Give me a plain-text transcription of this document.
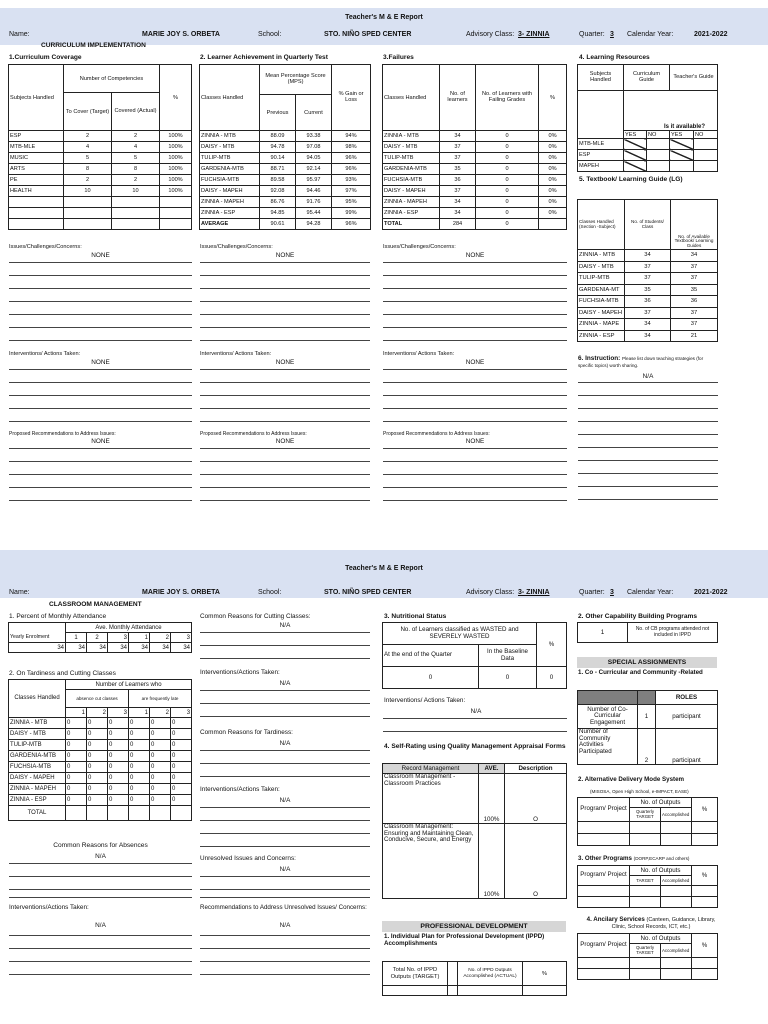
Teacher's M & E Report
Name:	MARIE JOY S. ORBETA	School:	STO. NIÑO SPED CENTER	Advisory Class: 3- ZINNIA	Quarter: 3 Calendar Year:	2021-2022
CURRICULUM IMPLEMENTATION
1.Curriculum Coverage
Subjects Handled	Number of Competencies		%
	To Cover (Target)	Covered (Actual)	
ESP	2	2	100%
MTB-MLE	4	4	100%
MUSIC	5	5	100%
ARTS	8	8	100%
PE	2	2	100%
HEALTH	10	10	100%

2. Learner Achievement in Quarterly Test
Classes Handled	Mean Percentage Score (MPS)		% Gain or Loss
	Previous	Current	
ZINNIA - MTB	88.09	93.38	94%
DAISY - MTB	94.78	97.08	98%
TULIP-MTB	90.14	94.05	96%
GARDENIA-MTB	88.71	92.14	96%
FUCHSIA-MTB	89.58	95.97	93%
DAISY - MAPEH	92.08	94.46	97%
ZINNIA - MAPEH	86.76	91.76	95%
ZINNIA - ESP	94.85	95.44	99%
AVERAGE	90.61	94.28	96%
3.Failures
Classes Handled	No. of learners	No. of Learners with Failing Grades	%
ZINNIA - MTB	34	0	0%
DAISY - MTB	37	0	0%
TULIP-MTB	37	0	0%
GARDENIA-MTB	35	0	0%
FUCHSIA-MTB	36	0	0%
DAISY - MAPEH	37	0	0%
ZINNIA - MAPEH	34	0	0%
ZINNIA - ESP	34	0	0%
TOTAL	284	0	
4. Learning Resources
Subjects Handled	Curriculum Guide		Teacher's Guide	
	Is it available?			
	YES	NO	YES	NO
MTB-MLE				
ESP				
MAPEH				
5. Textbook/ Learning Guide (LG)
Classes Handled (Section -Subject)	No. of Students/ Class	No. of Available Textbook/ Learning Guides
ZINNIA - MTB	34	34
DAISY - MTB	37	37
TULIP-MTB	37	37
GARDENIA-MT	35	35
FUCHSIA-MTB	36	36
DAISY - MAPEH	37	37
ZINNIA - MAPE	34	37
ZINNIA - ESP	34	21
6. Instruction: Please list down teaching strategies (for specific topics) worth sharing.
N/A
Issues/Challenges/Concerns:
NONE
Issues/Challenges/Concerns:
NONE
Issues/Challenges/Concerns:
NONE
Interventions/ Actions Taken:
NONE
Interventions/ Actions Taken:
NONE
Interventions/ Actions Taken:
NONE
Proposed Recommendations to Address Issues:
NONE
Proposed Recommendations to Address Issues:
NONE
Proposed Recommendations to Address Issues:
NONE
Teacher's M & E Report
Name:	MARIE JOY S. ORBETA	School:	STO. NIÑO SPED CENTER	Advisory Class: 3- ZINNIA	Quarter: 3 Calendar Year:	2021-2022
CLASSROOM MANAGEMENT
1. Percent of Monthly Attendance
	Ave. Monthly Attendance					
Yearly Enrolment	1	2	3	1	2	3
34	34	34	34	34	34	34
2. On Tardiness and Cutting Classes
Classes Handled	Number of Learners who					
	absence cut classes			are frequently late		
	1	2	3	1	2	3
ZINNIA - MTB	0	0	0	0	0	0
DAISY - MTB	0	0	0	0	0	0
TULIP-MTB	0	0	0	0	0	0
GARDENIA-MTB	0	0	0	0	0	0
FUCHSIA-MTB	0	0	0	0	0	0
DAISY - MAPEH	0	0	0	0	0	0
ZINNIA - MAPEH	0	0	0	0	0	0
ZINNIA - ESP	0	0	0	0	0	0
TOTAL						
Common Reasons for Absences
N/A
Interventions/Actions Taken:
N/A
Common Reasons for Cutting Classes:
N/A
Interventions/Actions Taken:
N/A
Common Reasons for Tardiness:
N/A
Interventions/Actions Taken:
N/A
Unresolved Issues and Concerns:
N/A
Recommendations to Address Unresolved Issues/ Concerns:
N/A
3. Nutritional Status
No. of Learners classified as WASTED and SEVERELY WASTED		%
At the end of the Quarter	In the Baseline Data	
0	0	0
Interventions/ Actions Taken:
N/A
4. Self-Rating using Quality Management Appraisal Forms
Record Management	AVE.	Description
Classroom Management - Classroom Practices	100%	O
Classroom Management: Ensuring and Maintaining Clean, Conducive, Secure, and Energy	100%	O
PROFESSIONAL DEVELOPMENT
1. Individual Plan for Professional Development (IPPD) Accomplishments
Total No. of IPPD Outputs (TARGET)		No. of IPPD Outputs Accomplished (ACTUAL)	%

2. Other Capability Building Programs
1	No. of CB programs attended not included in IPPD
SPECIAL ASSIGNMENTS
1. Co - Curricular and Community -Related
		ROLES
Number of Co-Curricular Engagement	1	participant
Number of Community Activities Participated	2	participant
2. Alternative Delivery Mode System
(MISOSA, Open High School, e-IMPACT, EASE)
Program/ Project	No. of Outputs		%
	Quarterly TARGET	Accomplished	

3. Other Programs (DORP,ECARP and others)
Program/ Project	No. of Outputs		%
	TARGET	Accomplished	

4. Ancilary Services (Canteen, Guidance, Library, Clinic, School Records, ICT, etc.)
Program/ Project	No. of Outputs		%
	Quarterly TARGET	Accomplished	
